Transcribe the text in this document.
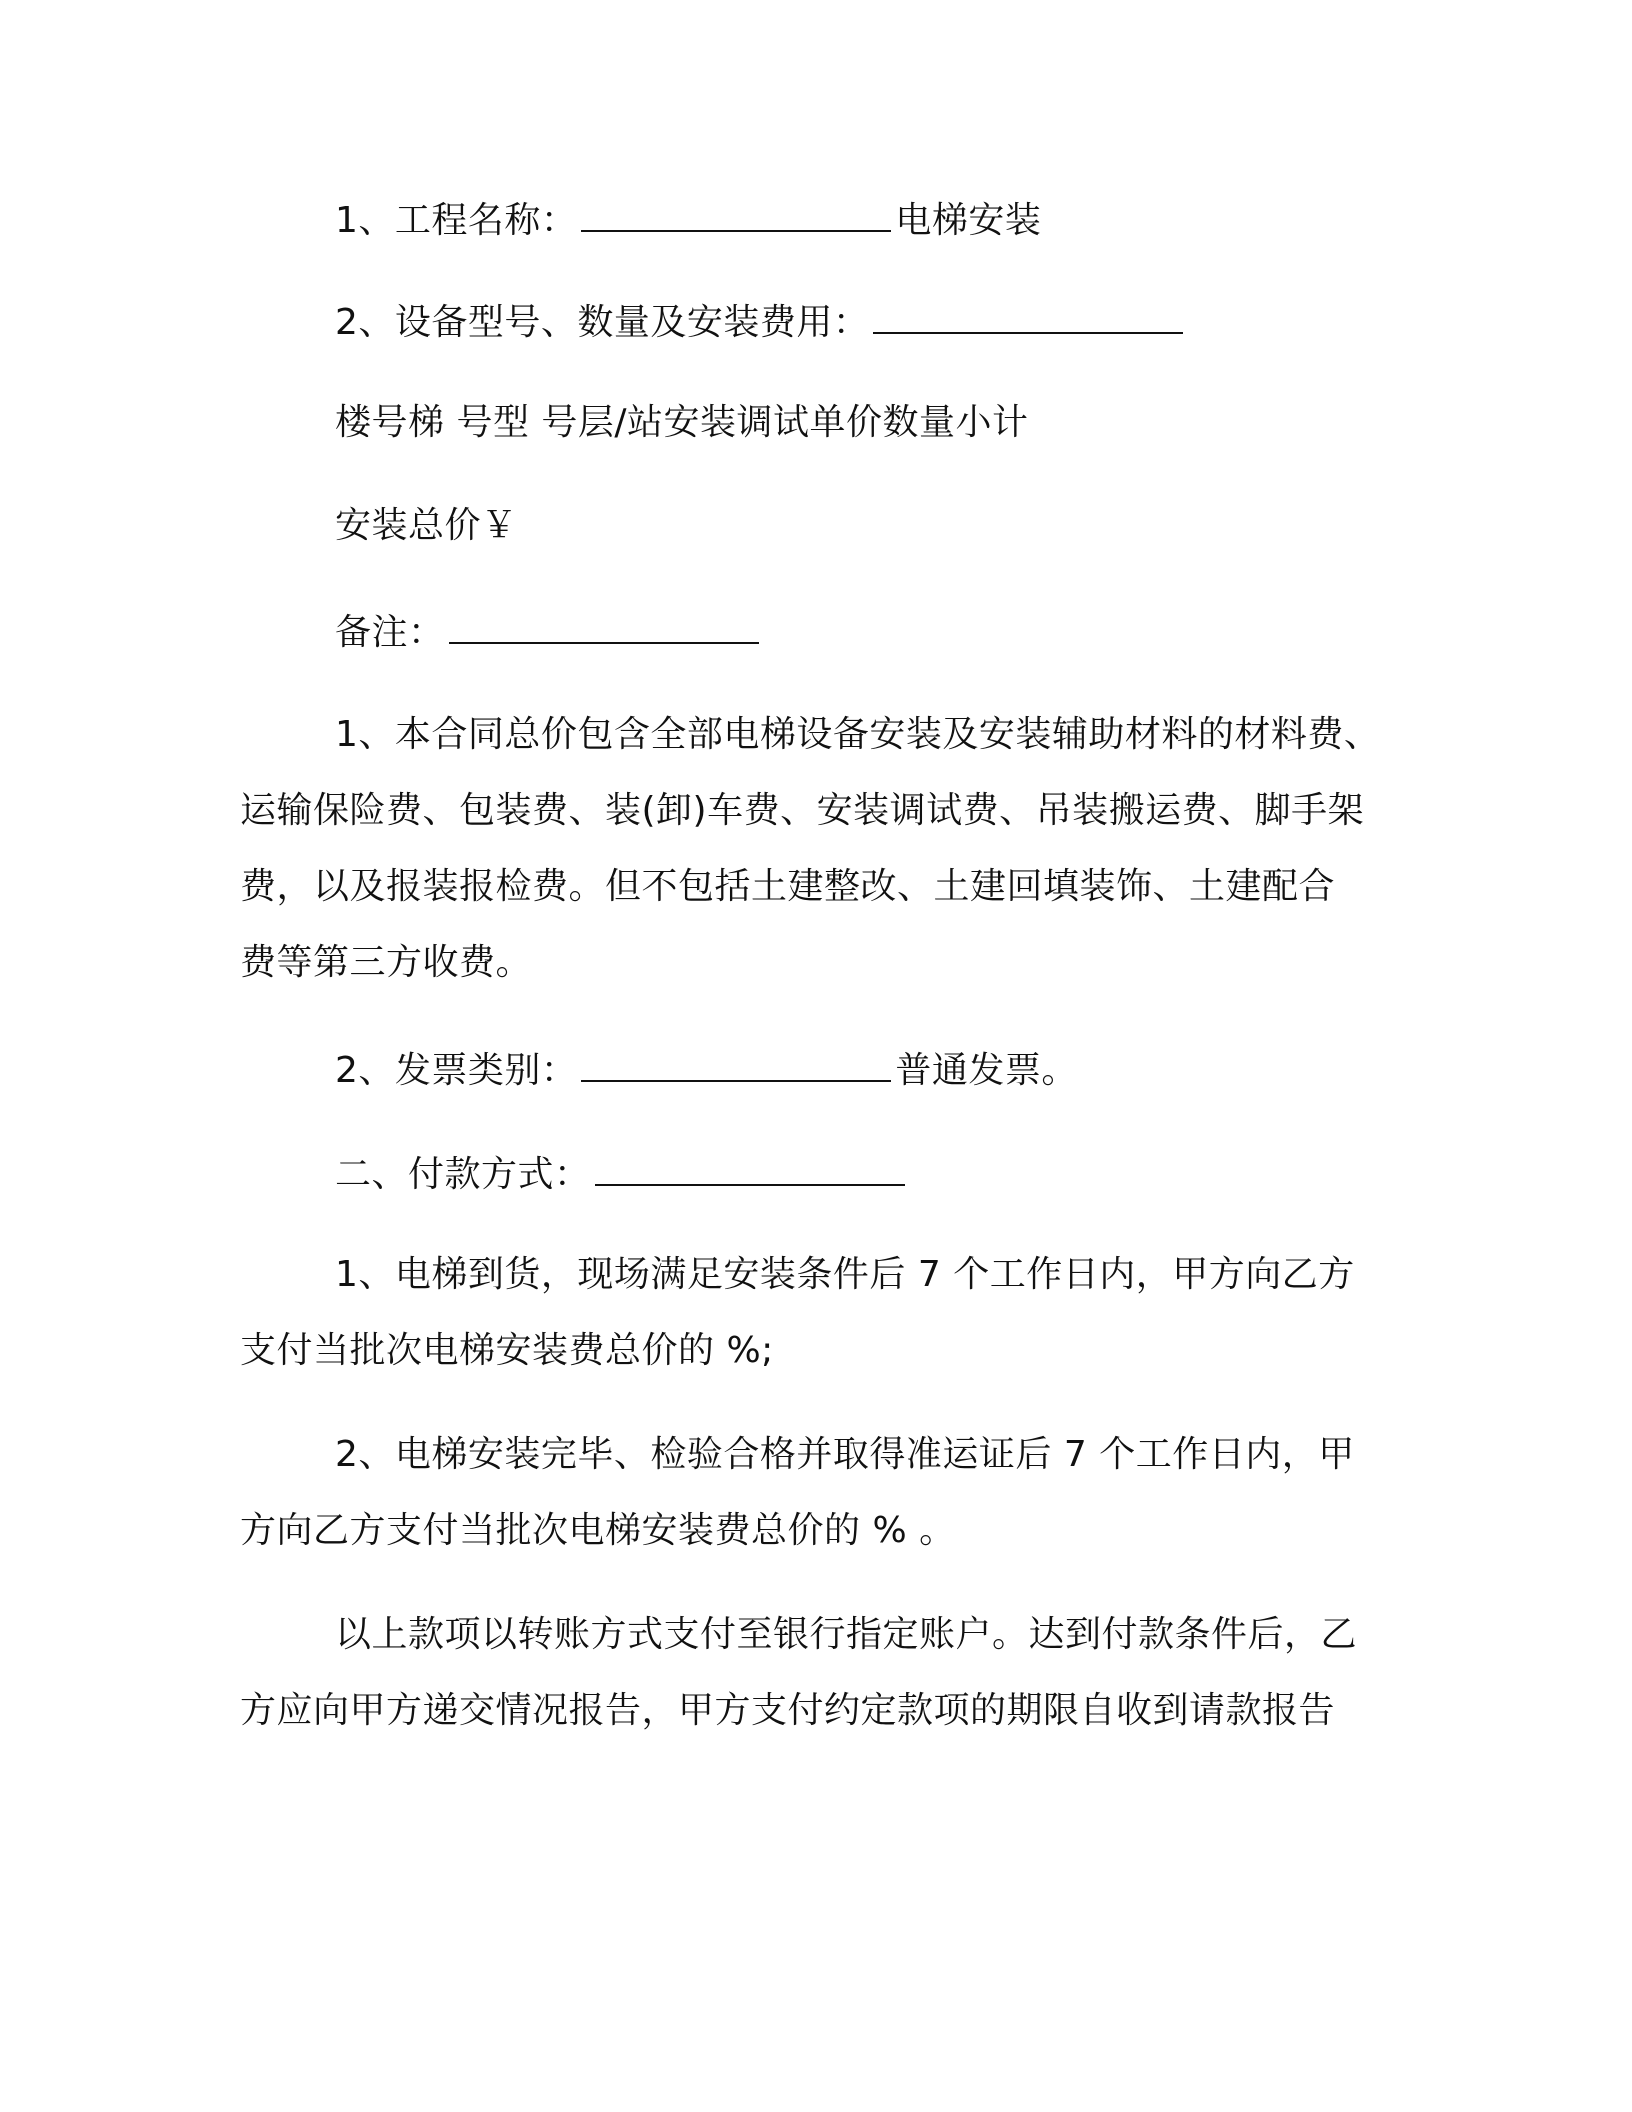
1、工程名称：	电梯安装
2、设备型号、数量及安装费用：
楼号梯 号型 号层/站安装调试单价数量小计
安装总价￥
备注：
1、本合同总价包含全部电梯设备安装及安装辅助材料的材料费、
运输保险费、包装费、装(卸)车费、安装调试费、吊装搬运费、脚手架
费，以及报装报检费。但不包括土建整改、土建回填装饰、土建配合
费等第三方收费。
2、发票类别：	普通发票。
二、付款方式：
1、电梯到货，现场满足安装条件后 7 个工作日内，甲方向乙方
支付当批次电梯安装费总价的 %;
2、电梯安装完毕、检验合格并取得准运证后 7 个工作日内，甲
方向乙方支付当批次电梯安装费总价的 % 。
以上款项以转账方式支付至银行指定账户。达到付款条件后，乙
方应向甲方递交情况报告，甲方支付约定款项的期限自收到请款报告
